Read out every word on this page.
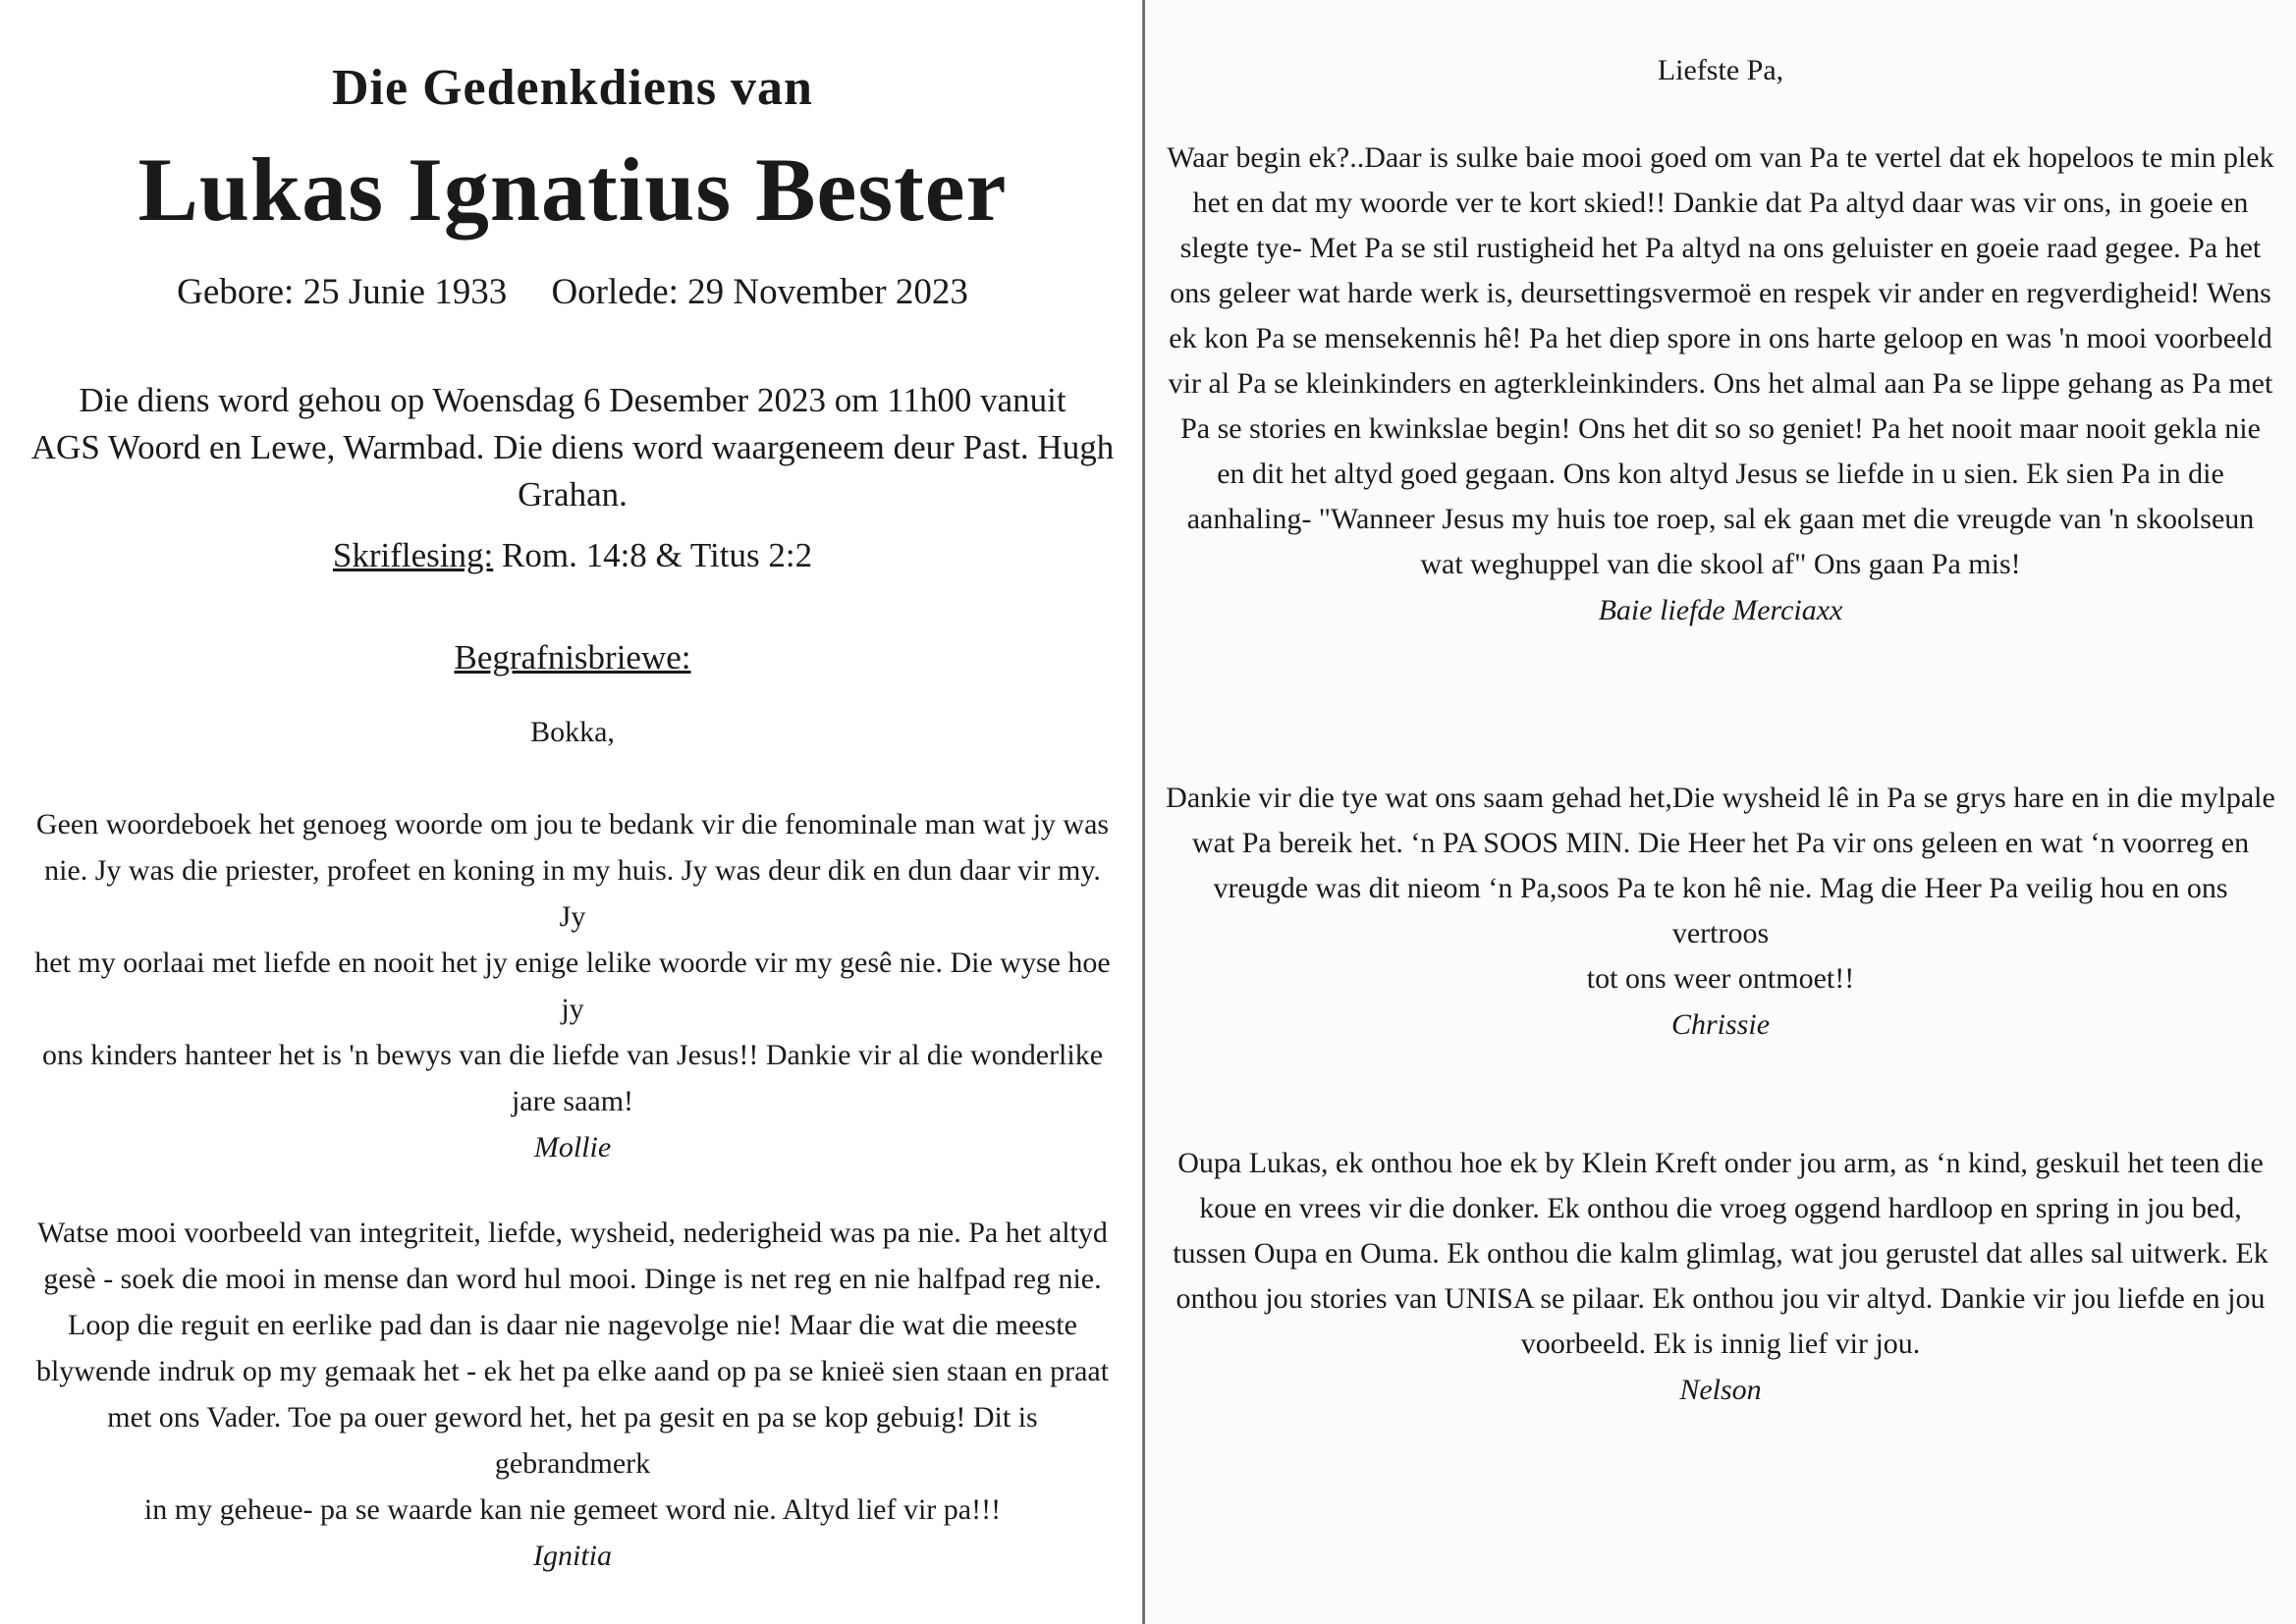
Die Gedenkdiens van
Lukas Ignatius Bester
Gebore: 25 Junie 1933 Oorlede: 29 November 2023
Die diens word gehou op Woensdag 6 Desember 2023 om 11h00 vanuit
AGS Woord en Lewe, Warmbad. Die diens word waargeneem deur Past. Hugh Grahan.
Skriflesing: Rom. 14:8 & Titus 2:2
Begrafnisbriewe:
Bokka,
Geen woordeboek het genoeg woorde om jou te bedank vir die fenominale man wat jy was
nie. Jy was die priester, profeet en koning in my huis. Jy was deur dik en dun daar vir my. Jy
het my oorlaai met liefde en nooit het jy enige lelike woorde vir my gesê nie. Die wyse hoe jy
ons kinders hanteer het is 'n bewys van die liefde van Jesus!! Dankie vir al die wonderlike
jare saam!
Mollie
Watse mooi voorbeeld van integriteit, liefde, wysheid, nederigheid was pa nie. Pa het altyd
gesè - soek die mooi in mense dan word hul mooi. Dinge is net reg en nie halfpad reg nie.
Loop die reguit en eerlike pad dan is daar nie nagevolge nie! Maar die wat die meeste
blywende indruk op my gemaak het - ek het pa elke aand op pa se knieë sien staan en praat
met ons Vader. Toe pa ouer geword het, het pa gesit en pa se kop gebuig! Dit is gebrandmerk
in my geheue- pa se waarde kan nie gemeet word nie. Altyd lief vir pa!!!
Ignitia
Liefste Pa,
Waar begin ek?..Daar is sulke baie mooi goed om van Pa te vertel dat ek hopeloos te min plek
het en dat my woorde ver te kort skied!! Dankie dat Pa altyd daar was vir ons, in goeie en
slegte tye- Met Pa se stil rustigheid het Pa altyd na ons geluister en goeie raad gegee. Pa het
ons geleer wat harde werk is, deursettingsvermoë en respek vir ander en regverdigheid! Wens
ek kon Pa se mensekennis hê! Pa het diep spore in ons harte geloop en was 'n mooi voorbeeld
vir al Pa se kleinkinders en agterkleinkinders. Ons het almal aan Pa se lippe gehang as Pa met
Pa se stories en kwinkslae begin! Ons het dit so so geniet! Pa het nooit maar nooit gekla nie
en dit het altyd goed gegaan. Ons kon altyd Jesus se liefde in u sien. Ek sien Pa in die
aanhaling- "Wanneer Jesus my huis toe roep, sal ek gaan met die vreugde van 'n skoolseun
wat weghuppel van die skool af" Ons gaan Pa mis!
Baie liefde Merciaxx
Dankie vir die tye wat ons saam gehad het,Die wysheid lê in Pa se grys hare en in die mylpale
wat Pa bereik het. ‘n PA SOOS MIN. Die Heer het Pa vir ons geleen en wat ‘n voorreg en
vreugde was dit nieom ‘n Pa,soos Pa te kon hê nie. Mag die Heer Pa veilig hou en ons vertroos
tot ons weer ontmoet!!
Chrissie
Oupa Lukas, ek onthou hoe ek by Klein Kreft onder jou arm, as ‘n kind, geskuil het teen die
koue en vrees vir die donker. Ek onthou die vroeg oggend hardloop en spring in jou bed,
tussen Oupa en Ouma. Ek onthou die kalm glimlag, wat jou gerustel dat alles sal uitwerk. Ek
onthou jou stories van UNISA se pilaar. Ek onthou jou vir altyd. Dankie vir jou liefde en jou
voorbeeld. Ek is innig lief vir jou.
Nelson
